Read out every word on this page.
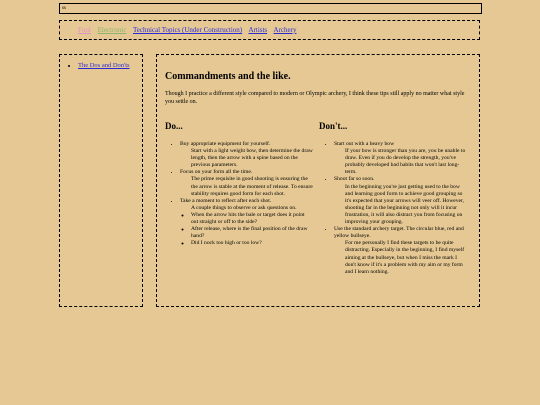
ss
Fool Electronic Technical Topics (Under Construction) Artists Archery
• The Dos and Don'ts
Commandments and the like.
Though I practice a different style compared to modern or Olympic archery, I think these tips still apply no matter what style you settle on.
Do...
• Buy appropriate equipment for yourself.
Start with a light weight bow, then determine the draw length, then the arrow with a spine based on the previous parameters.
• Focus on your form all the time.
The prime requisite in good shooting is ensuring the the arrow is stable at the moment of release. To ensure stability requires good form for each shot.
• Take a moment to reflect after each shot.
A couple things to observe or ask questions on.
◦ When the arrow hits the bale or target does it point out straight or off to the side?
◦ After release, where is the final position of the draw hand?
◦ Did I nock too high or too low?
Don't...
• Start out with a heavy bow
If your bow is stronger than you are, you be unable to draw. Even if you do develop the strength, you've probably developed bad habits that won't last long-term.
• Shoot far so soon.
In the beginning you're just getting used to the bow and learning good form to achieve good grouping so it's expected that your arrows will veer off. However, shooting far in the beginning not only will it incur frustration, it will also distract you from focusing on improving your grouping.
• Use the standard archery target. The circular blue, red and yellow bullseye.
For me personally I find these targets to be quite distracting. Especially in the beginning, I find myself aiming at the bullseye, but when I miss the mark I don't know if it's a problem with my aim or my form and I learn nothing.
